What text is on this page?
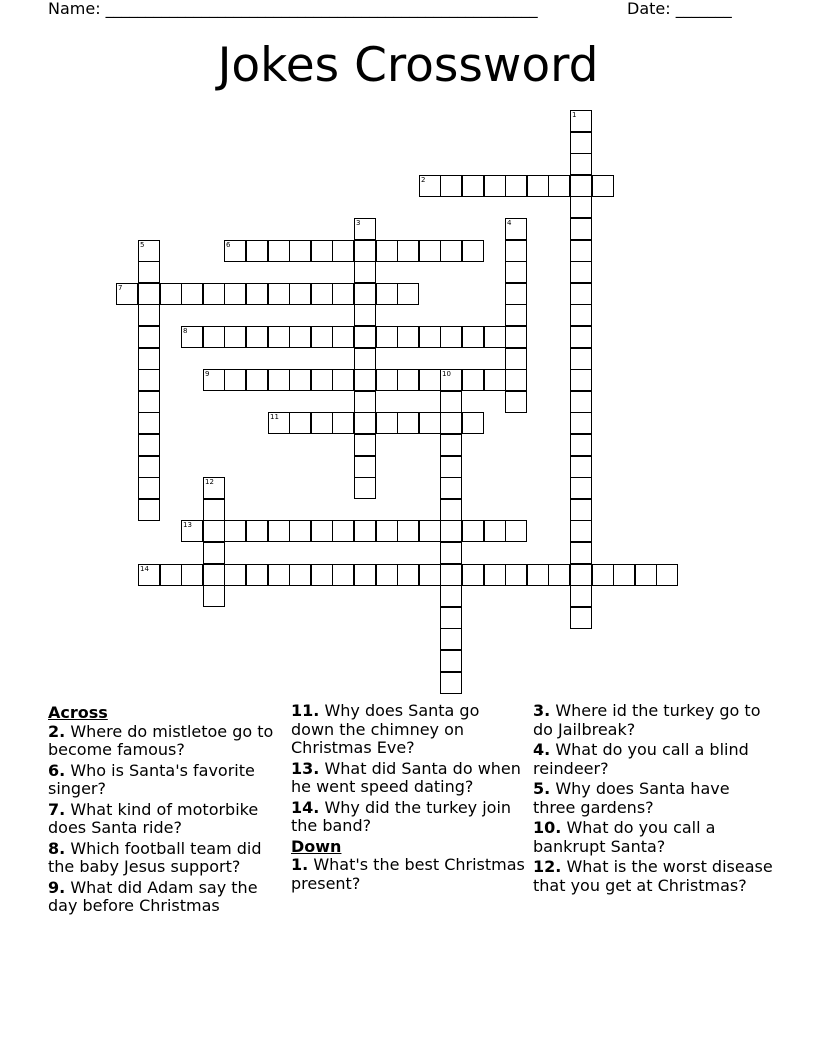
Name: ______________________________________________________	Date: _______
Jokes Crossword
1
2
3	4
5	6
7
8
9	10
11
12
13
14
Across
2. Where do mistletoe go to become famous?
6. Who is Santa's favorite singer?
7. What kind of motorbike does Santa ride?
8. Which football team did the baby Jesus support?
9. What did Adam say the day before Christmas
11. Why does Santa go down the chimney on Christmas Eve?
13. What did Santa do when he went speed dating?
14. Why did the turkey join the band?
Down
1. What's the best Christmas present?
3. Where id the turkey go to do Jailbreak?
4. What do you call a blind reindeer?
5. Why does Santa have three gardens?
10. What do you call a bankrupt Santa?
12. What is the worst disease that you get at Christmas?
